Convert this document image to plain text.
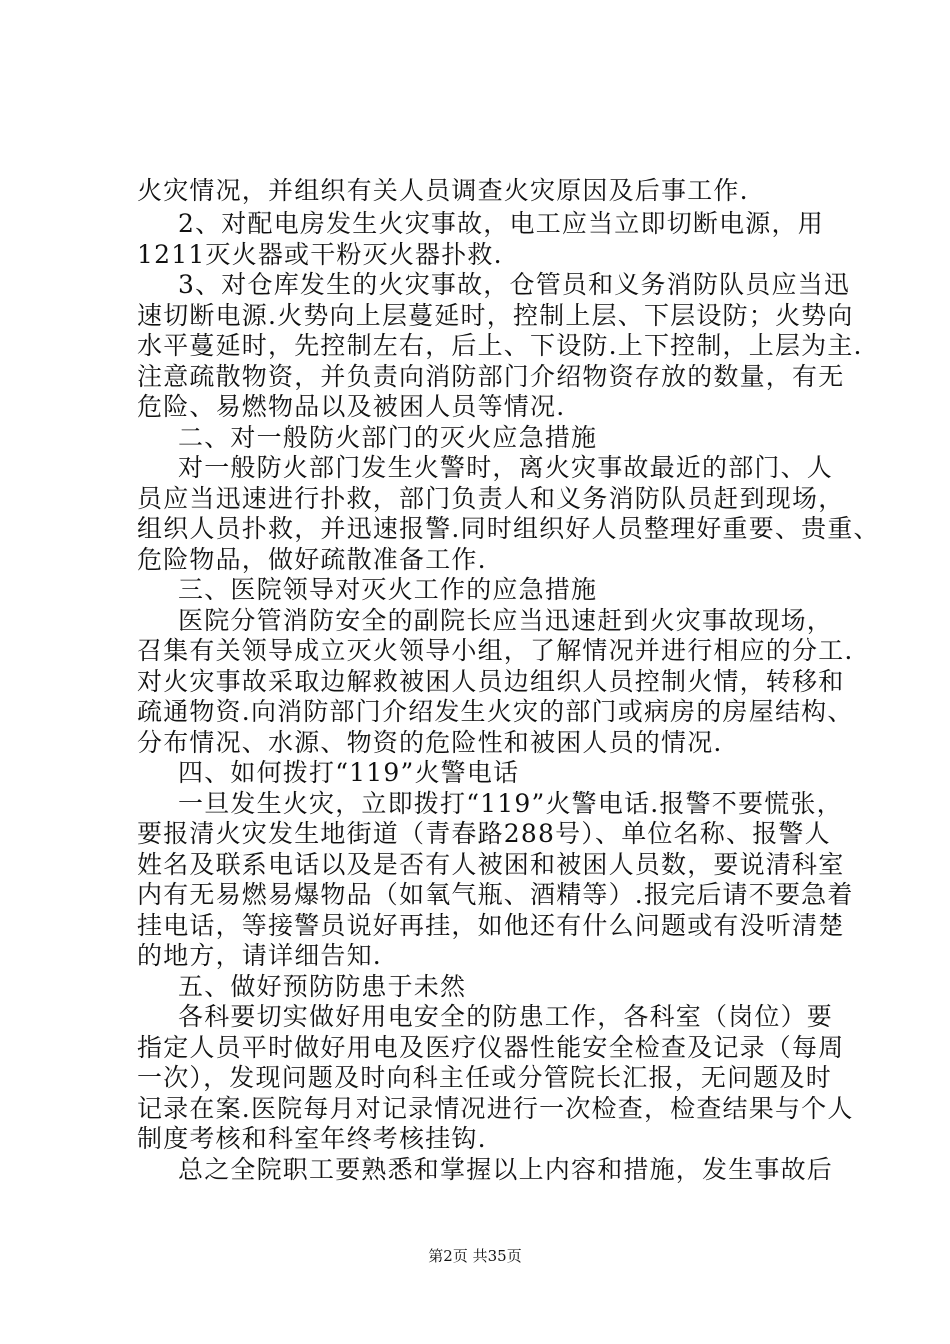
火灾情况，并组织有关人员调查火灾原因及后事工作.
2、对配电房发生火灾事故，电工应当立即切断电源，用
1211灭火器或干粉灭火器扑救.
3、对仓库发生的火灾事故，仓管员和义务消防队员应当迅
速切断电源.火势向上层蔓延时，控制上层、下层设防；火势向
水平蔓延时，先控制左右，后上、下设防.上下控制，上层为主.
注意疏散物资，并负责向消防部门介绍物资存放的数量，有无
危险、易燃物品以及被困人员等情况.
二、对一般防火部门的灭火应急措施
对一般防火部门发生火警时，离火灾事故最近的部门、人
员应当迅速进行扑救，部门负责人和义务消防队员赶到现场，
组织人员扑救，并迅速报警.同时组织好人员整理好重要、贵重、
危险物品，做好疏散准备工作.
三、医院领导对灭火工作的应急措施
医院分管消防安全的副院长应当迅速赶到火灾事故现场，
召集有关领导成立灭火领导小组，了解情况并进行相应的分工.
对火灾事故采取边解救被困人员边组织人员控制火情，转移和
疏通物资.向消防部门介绍发生火灾的部门或病房的房屋结构、
分布情况、水源、物资的危险性和被困人员的情况.
四、如何拨打“119”火警电话
一旦发生火灾，立即拨打“119”火警电话.报警不要慌张，
要报清火灾发生地街道（青春路288号）、单位名称、报警人
姓名及联系电话以及是否有人被困和被困人员数，要说清科室
内有无易燃易爆物品（如氧气瓶、酒精等）.报完后请不要急着
挂电话，等接警员说好再挂，如他还有什么问题或有没听清楚
的地方，请详细告知.
五、做好预防防患于未然
各科要切实做好用电安全的防患工作，各科室（岗位）要
指定人员平时做好用电及医疗仪器性能安全检查及记录（每周
一次），发现问题及时向科主任或分管院长汇报，无问题及时
记录在案.医院每月对记录情况进行一次检查，检查结果与个人
制度考核和科室年终考核挂钩.
总之全院职工要熟悉和掌握以上内容和措施，发生事故后
第2页 共35页
